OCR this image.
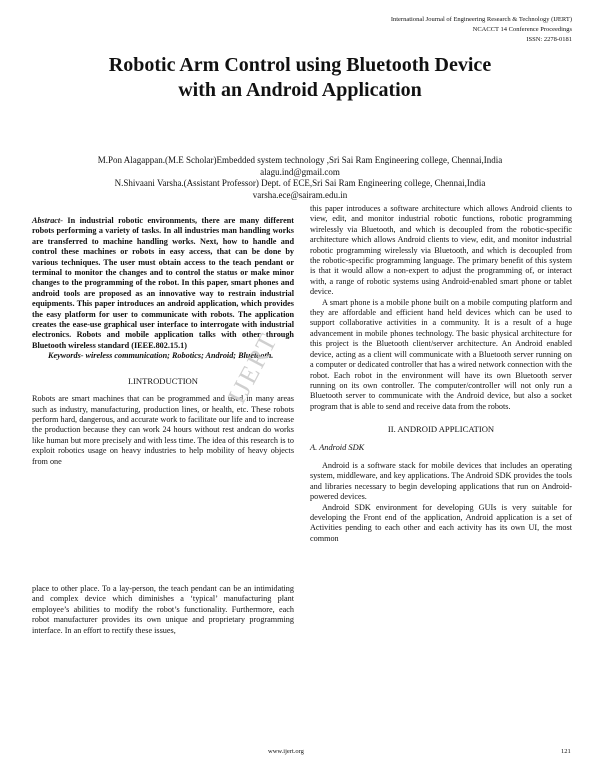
International Journal of Engineering Research & Technology (IJERT)
NCACCT 14 Conference Proceedings
ISSN: 2278-0181
Robotic Arm Control using Bluetooth Device
with an Android Application
M.Pon Alagappan.(M.E Scholar)Embedded system technology ,Sri Sai Ram Engineering college, Chennai,India
alagu.ind@gmail.com
N.Shivaani Varsha.(Assistant Professor) Dept. of ECE,Sri Sai Ram Engineering college, Chennai,India
varsha.ece@sairam.edu.in

Abstract- In industrial robotic environments, there are many different robots performing a variety of tasks. In all industries man handling works are transferred to machine handling works. Next, how to handle and control these machines or robots in easy access, that can be done by various techniques. The user must obtain access to the teach pendant or terminal to monitor the changes and to control the status or make minor changes to the programming of the robot. In this paper, smart phones and android tools are proposed as an innovative way to restrain industrial equipments. This paper introduces an android application, which provides the easy platform for user to communicate with robots. The application creates the ease-use graphical user interface to interrogate with industrial electronics. Robots and mobile application talks with other through Bluetooth wireless standard (IEEE.802.15.1)

Keywords- wireless communication; Robotics; Android; Bluetooth.

I.INTRODUCTION

Robots are smart machines that can be programmed and used in many areas such as industry, manufacturing, production lines, or health, etc. These robots perform hard, dangerous, and accurate work to facilitate our life and to increase the production because they can work 24 hours without rest andcan do works like human but more precisely and with less time. The idea of this research is to exploit robotics usage on heavy industries to help mobility of heavy objects from one

place to other place. To a lay-person, the teach pendant can be an intimidating and complex device which diminishes a ‘typical’ manufacturing plant employee’s abilities to modify the robot’s functionality. Furthermore, each robot manufacturer provides its own unique and proprietary programming interface. In an effort to rectify these issues,

this paper introduces a software architecture which allows Android clients to view, edit, and monitor industrial robotic functions, robotic programming wirelessly via Bluetooth, and which is decoupled from the robotic-specific architecture which allows Android clients to view, edit, and monitor industrial robotic programming wirelessly via Bluetooth, and which is decoupled from the robotic-specific programming language. The primary benefit of this system is that it would allow a non-expert to adjust the programming of, or interact with, a range of robotic systems using Android-enabled smart phone or tablet device.

A smart phone is a mobile phone built on a mobile computing platform and they are affordable and efficient hand held devices which can be used to support collaborative activities in a community. It is a result of a huge advancement in mobile phones technology. The basic physical architecture for this project is the Bluetooth client/server architecture. An Android enabled device, acting as a client will communicate with a Bluetooth server running on a computer or dedicated controller that has a wired network connection with the robot. Each robot in the environment will have its own Bluetooth server running on its own controller. The computer/controller will not only run a Bluetooth server to communicate with the Android device, but also a socket program that is able to send and receive data from the robots.

II. ANDROID APPLICATION

A. Android SDK

Android is a software stack for mobile devices that includes an operating system, middleware, and key applications. The Android SDK provides the tools and libraries necessary to begin developing applications that run on Android-powered devices.

Android SDK environment for developing GUIs is very suitable for developing the Front end of the application, Android application is a set of Activities pending to each other and each activity has its own UI, the most common

IJERT
www.ijert.org	121
